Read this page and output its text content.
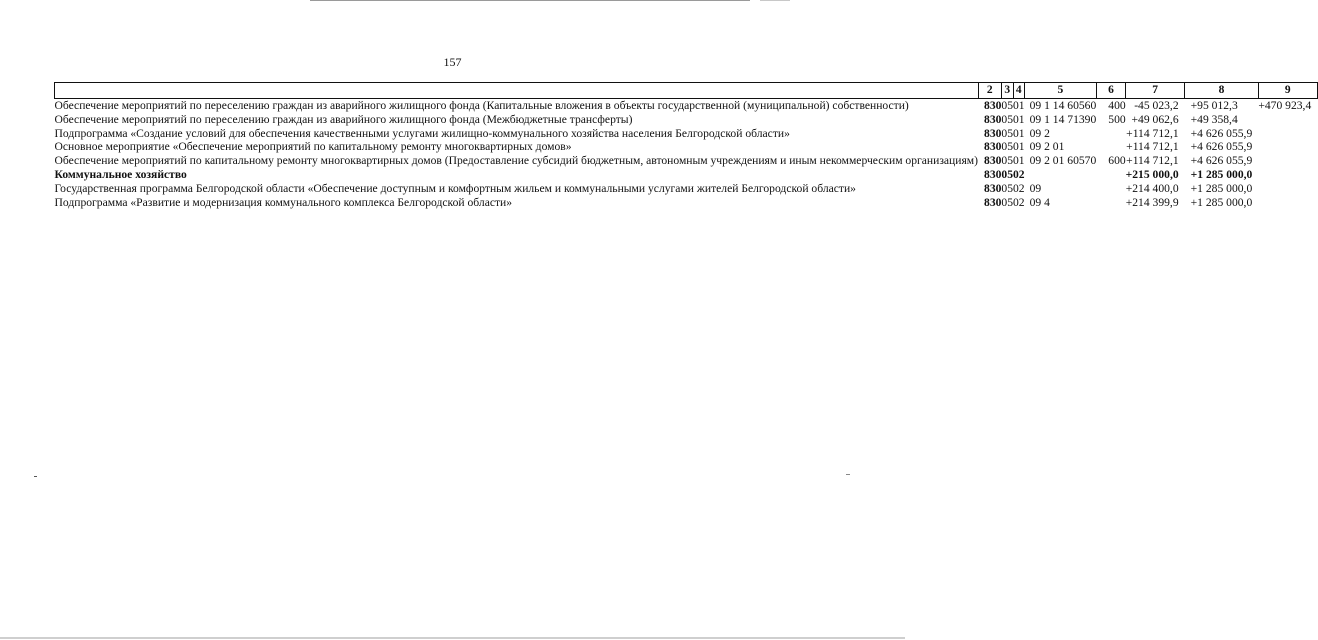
157
	2	3	4	5	6	7	8	9
Обеспечение мероприятий по переселению граждан из аварийного жилищного фонда (Капитальные вложения в объекты государственной (муниципальной) собственности)	830	05	01	09 1 14 60560	400	-45 023,2	+95 012,3	+470 923,4
Обеспечение мероприятий по переселению граждан из аварийного жилищного фонда (Межбюджетные трансферты)	830	05	01	09 1 14 71390	500	+49 062,6	+49 358,4	
Подпрограмма «Создание условий для обеспечения качественными услугами жилищно-коммунального хозяйства населения Белгородской области»	830	05	01	09 2		+114 712,1	+4 626 055,9	
Основное мероприятие «Обеспечение мероприятий по капитальному ремонту многоквартирных домов»	830	05	01	09 2 01		+114 712,1	+4 626 055,9	
Обеспечение мероприятий по капитальному ремонту многоквартирных домов (Предоставление субсидий бюджетным, автономным учреждениям и иным некоммерческим организациям)	830	05	01	09 2 01 60570	600	+114 712,1	+4 626 055,9	
Коммунальное хозяйство	830	05	02			+215 000,0	+1 285 000,0	
Государственная программа Белгородской области «Обеспечение доступным и комфортным жильем и коммунальными услугами жителей Белгородской области»	830	05	02	09		+214 400,0	+1 285 000,0	
Подпрограмма «Развитие и модернизация коммунального комплекса Белгородской области»	830	05	02	09 4		+214 399,9	+1 285 000,0	
